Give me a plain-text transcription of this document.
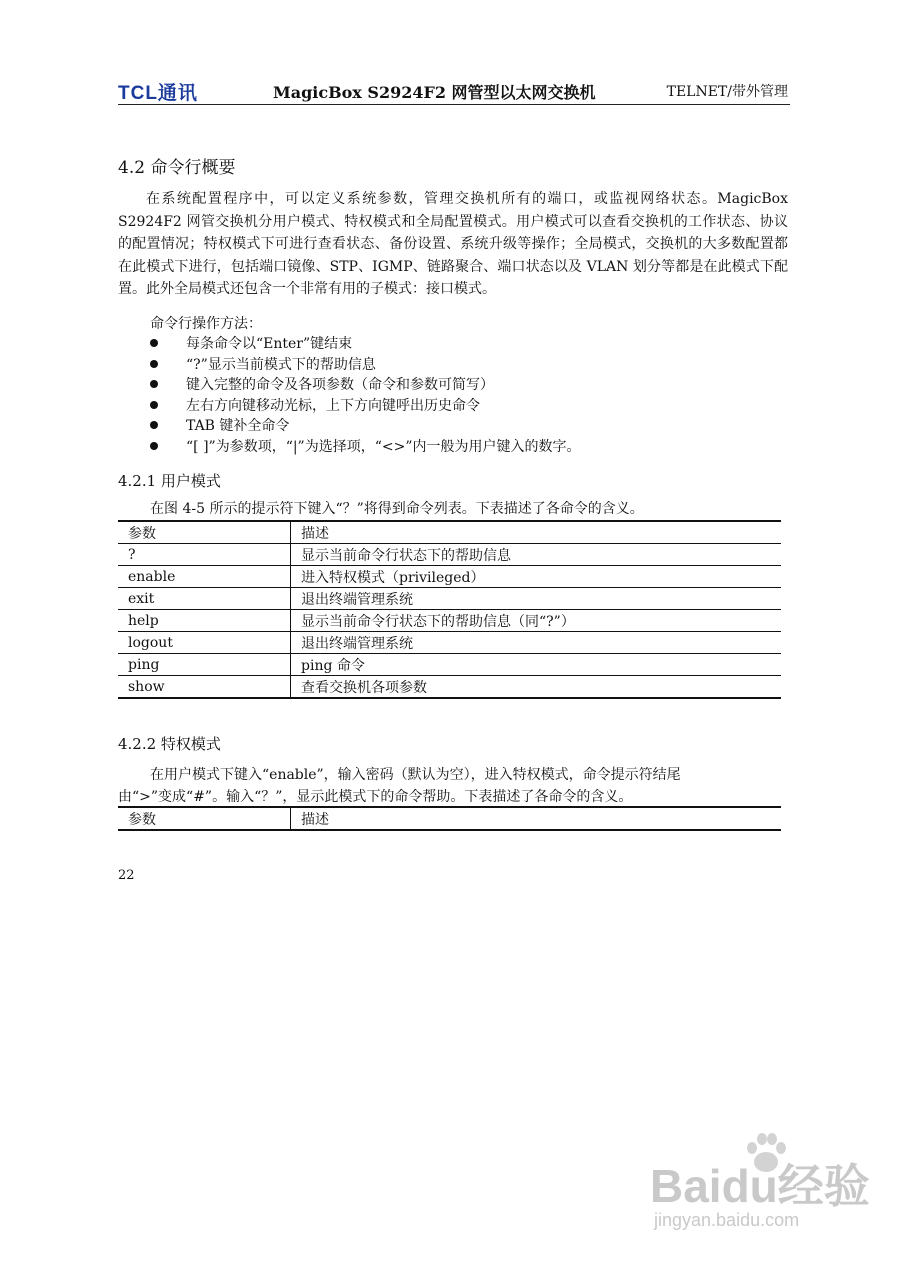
TCL通讯	MagicBox S2924F2 网管型以太网交换机	TELNET/带外管理
4.2 命令行概要
在系统配置程序中，可以定义系统参数，管理交换机所有的端口，或监视网络状态。MagicBox S2924F2 网管交换机分用户模式、特权模式和全局配置模式。用户模式可以查看交换机的工作状态、协议的配置情况；特权模式下可进行查看状态、备份设置、系统升级等操作；全局模式，交换机的大多数配置都在此模式下进行，包括端口镜像、STP、IGMP、链路聚合、端口状态以及 VLAN 划分等都是在此模式下配置。此外全局模式还包含一个非常有用的子模式：接口模式。
命令行操作方法：
每条命令以“Enter”键结束
“?”显示当前模式下的帮助信息
键入完整的命令及各项参数（命令和参数可简写）
左右方向键移动光标，上下方向键呼出历史命令
TAB 键补全命令
“[ ]”为参数项，“|”为选择项，“<>”内一般为用户键入的数字。
4.2.1 用户模式
在图 4-5 所示的提示符下键入“？”将得到命令列表。下表描述了各命令的含义。
参数	描述
?	显示当前命令行状态下的帮助信息
enable	进入特权模式（privileged）
exit	退出终端管理系统
help	显示当前命令行状态下的帮助信息（同“?”）
logout	退出终端管理系统
ping	ping 命令
show	查看交换机各项参数
4.2.2 特权模式
在用户模式下键入“enable”，输入密码（默认为空），进入特权模式，命令提示符结尾
由“>”变成“#”。输入“？”，显示此模式下的命令帮助。下表描述了各命令的含义。
参数	描述
22
Baidu经验
jingyan.baidu.com
